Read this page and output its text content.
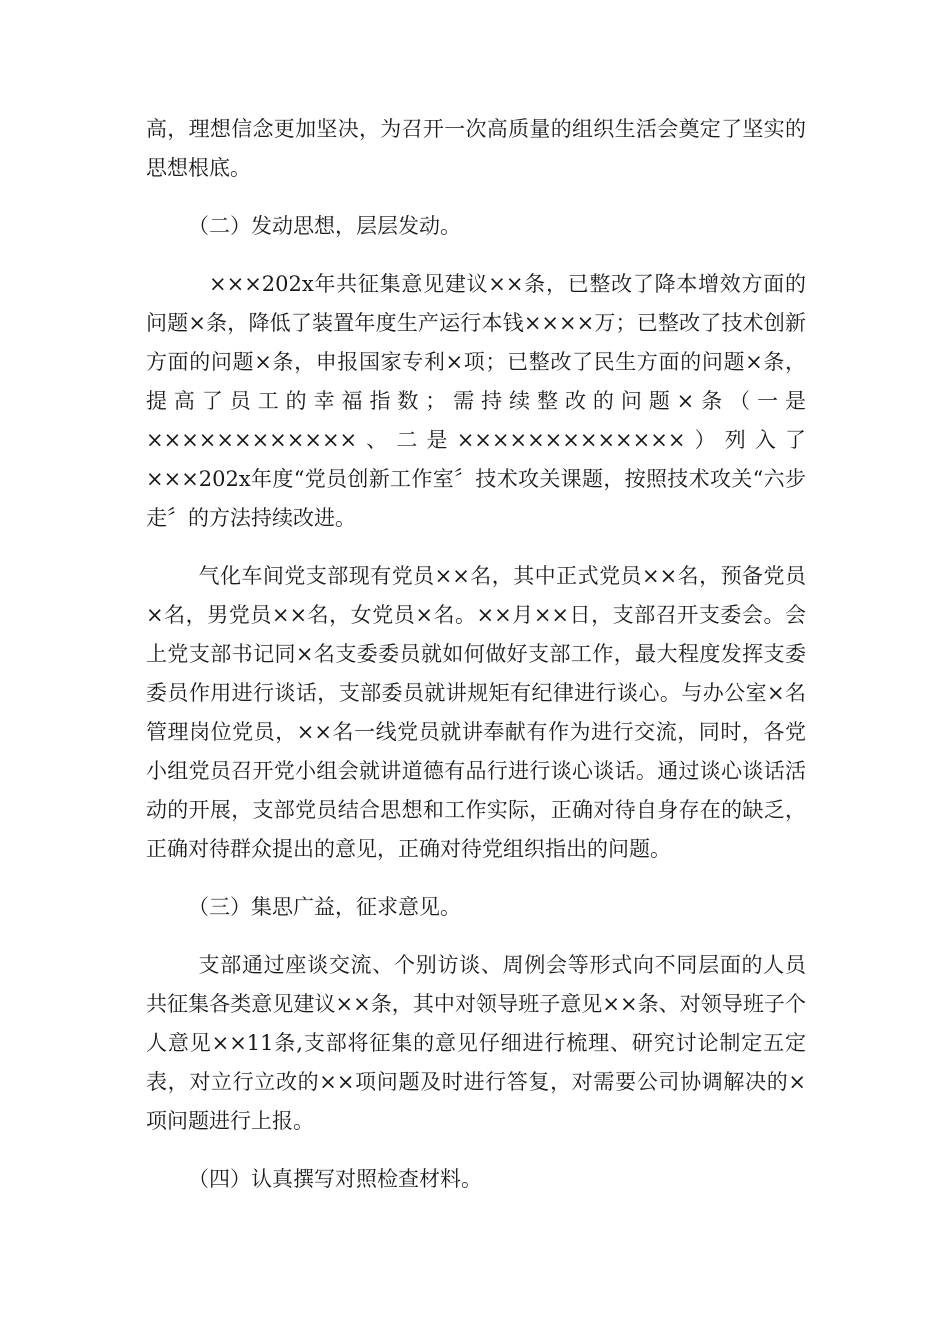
高，理想信念更加坚决，为召开一次高质量的组织生活会奠定了坚实的思想根底。

（二）发动思想，层层发动。

×××202x年共征集意见建议××条，已整改了降本增效方面的问题×条，降低了装置年度生产运行本钱××××万；已整改了技术创新方面的问题×条，申报国家专利×项；已整改了民生方面的问题×条，提高了员工的幸福指数；需持续整改的问题×条（一是××××××××××××、二是×××××××××××××）列入了×××202x年度“党员创新工作室〞技术攻关课题，按照技术攻关“六步走〞的方法持续改进。

气化车间党支部现有党员××名，其中正式党员××名，预备党员×名，男党员××名，女党员×名。××月××日，支部召开支委会。会上党支部书记同×名支委委员就如何做好支部工作，最大程度发挥支委委员作用进行谈话，支部委员就讲规矩有纪律进行谈心。与办公室×名管理岗位党员，××名一线党员就讲奉献有作为进行交流，同时，各党小组党员召开党小组会就讲道德有品行进行谈心谈话。通过谈心谈话活动的开展，支部党员结合思想和工作实际，正确对待自身存在的缺乏，正确对待群众提出的意见，正确对待党组织指出的问题。

（三）集思广益，征求意见。

支部通过座谈交流、个别访谈、周例会等形式向不同层面的人员共征集各类意见建议××条，其中对领导班子意见××条、对领导班子个人意见××11条,支部将征集的意见仔细进行梳理、研究讨论制定五定表，对立行立改的××项问题及时进行答复，对需要公司协调解决的×项问题进行上报。

（四）认真撰写对照检查材料。
